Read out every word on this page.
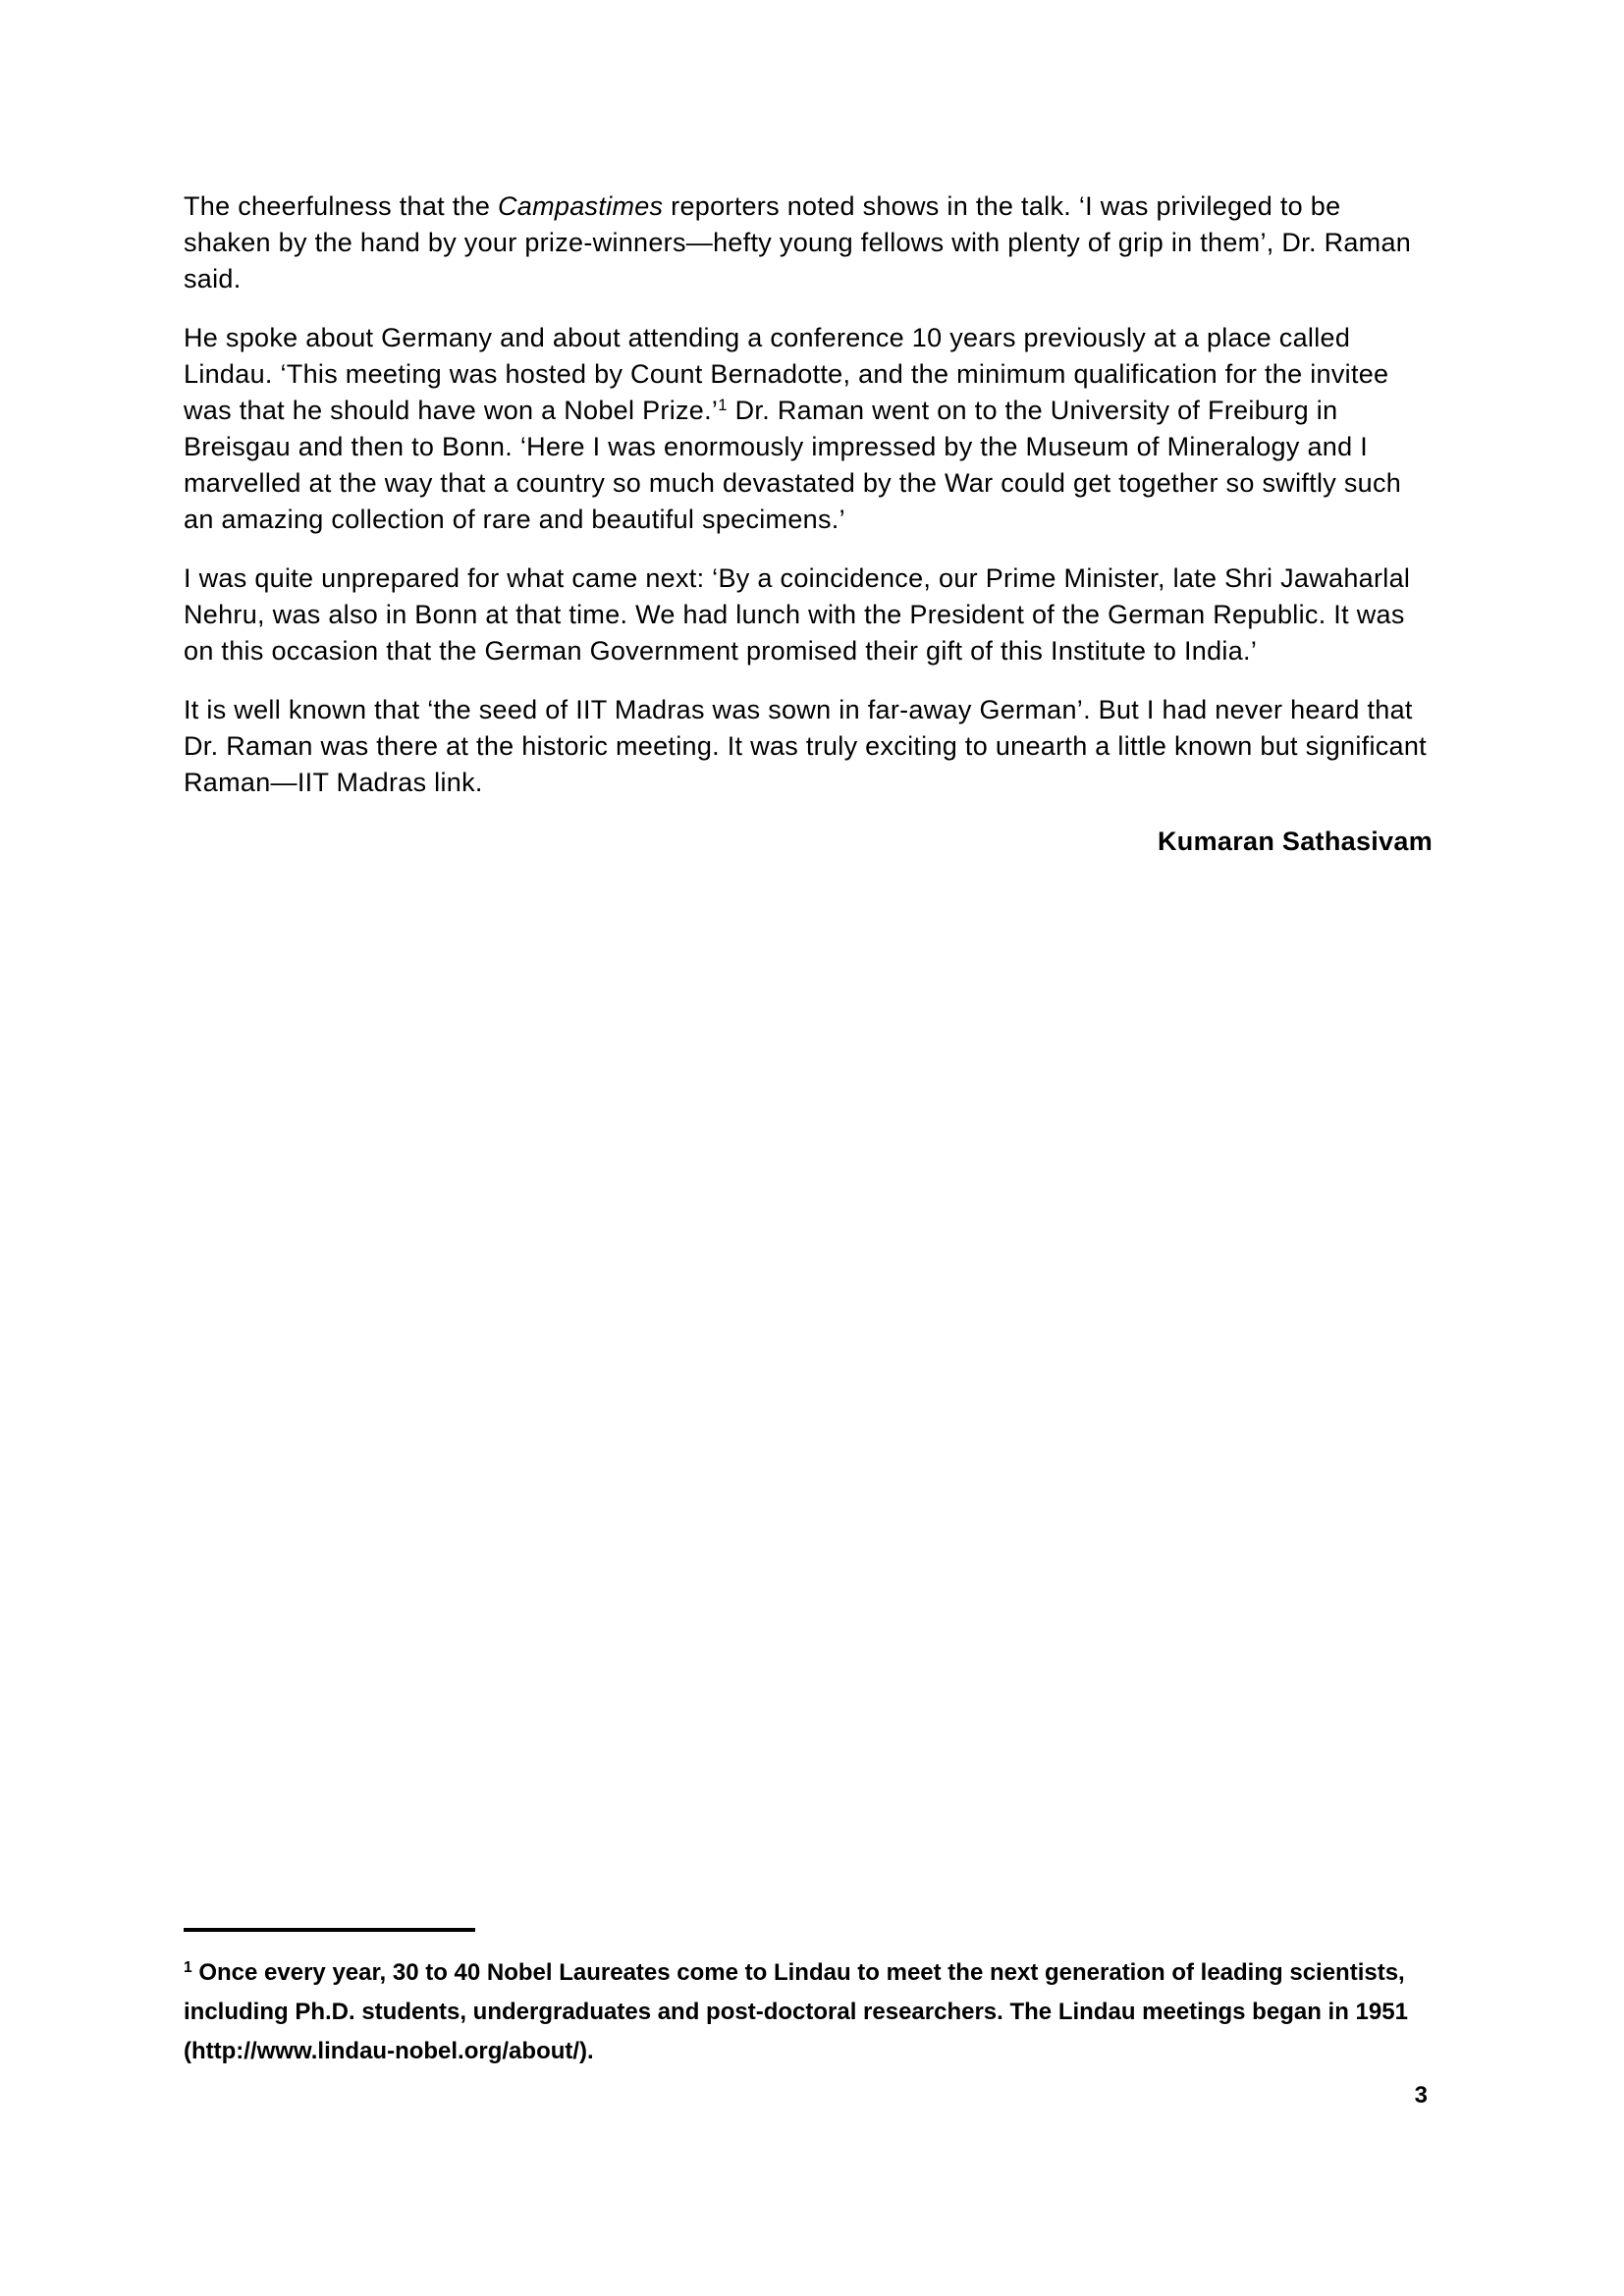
The cheerfulness that the Campastimes reporters noted shows in the talk. ‘I was privileged to be shaken by the hand by your prize-winners—hefty young fellows with plenty of grip in them’, Dr. Raman said.

He spoke about Germany and about attending a conference 10 years previously at a place called Lindau. ‘This meeting was hosted by Count Bernadotte, and the minimum qualification for the invitee was that he should have won a Nobel Prize.’$^1$ Dr. Raman went on to the University of Freiburg in Breisgau and then to Bonn. ‘Here I was enormously impressed by the Museum of Mineralogy and I marvelled at the way that a country so much devastated by the War could get together so swiftly such an amazing collection of rare and beautiful specimens.’

I was quite unprepared for what came next: ‘By a coincidence, our Prime Minister, late Shri Jawaharlal Nehru, was also in Bonn at that time. We had lunch with the President of the German Republic. It was on this occasion that the German Government promised their gift of this Institute to India.’

It is well known that ‘the seed of IIT Madras was sown in far-away German’. But I had never heard that Dr. Raman was there at the historic meeting. It was truly exciting to unearth a little known but significant Raman—IIT Madras link.

Kumaran Sathasivam

$^1$ Once every year, 30 to 40 Nobel Laureates come to Lindau to meet the next generation of leading scientists, including Ph.D. students, undergraduates and post-doctoral researchers. The Lindau meetings began in 1951 (http://www.lindau-nobel.org/about/).

3
